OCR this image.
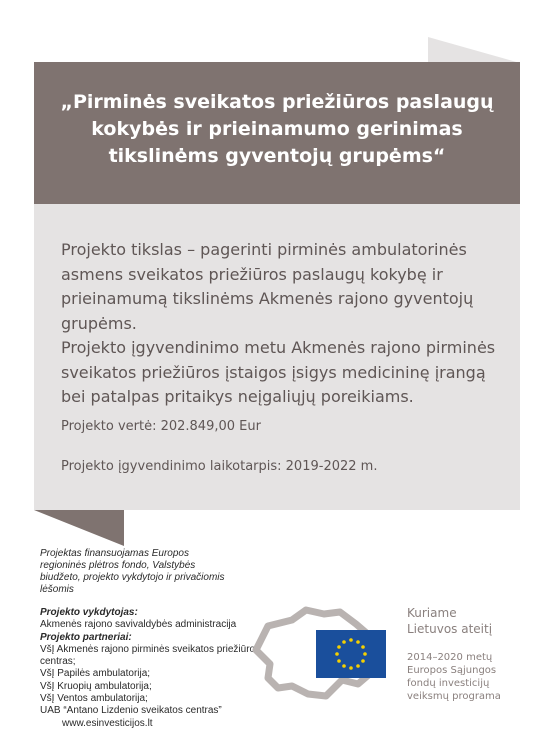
„Pirminės sveikatos priežiūros paslaugų kokybės ir prieinamumo gerinimas tikslinėms gyventojų grupėms“

Projekto tikslas – pagerinti pirminės ambulatorinės asmens sveikatos priežiūros paslaugų kokybę ir prieinamumą tikslinėms Akmenės rajono gyventojų grupėms.

Projekto įgyvendinimo metu Akmenės rajono pirminės sveikatos priežiūros įstaigos įsigys medicininę įrangą bei patalpas pritaikys neįgaliųjų poreikiams.

Projekto vertė: 202.849,00 Eur
Projekto įgyvendinimo laikotarpis: 2019-2022 m.
Projektas finansuojamas Europos regioninės plėtros fondo, Valstybės biudžeto, projekto vykdytojo ir privačiomis lėšomis
Projekto vykdytojas:
Akmenės rajono savivaldybės administracija
Projekto partneriai:
VšĮ Akmenės rajono pirminės sveikatos priežiūros centras;
VšĮ Papilės ambulatorija;
VšĮ Kruopių ambulatorija;
VšĮ Ventos ambulatorija;
UAB “Antano Lizdenio sveikatos centras”
www.esinvesticijos.lt
Kuriame
Lietuvos ateitį
2014–2020 metų
Europos Sąjungos
fondų investicijų
veiksmų programa
